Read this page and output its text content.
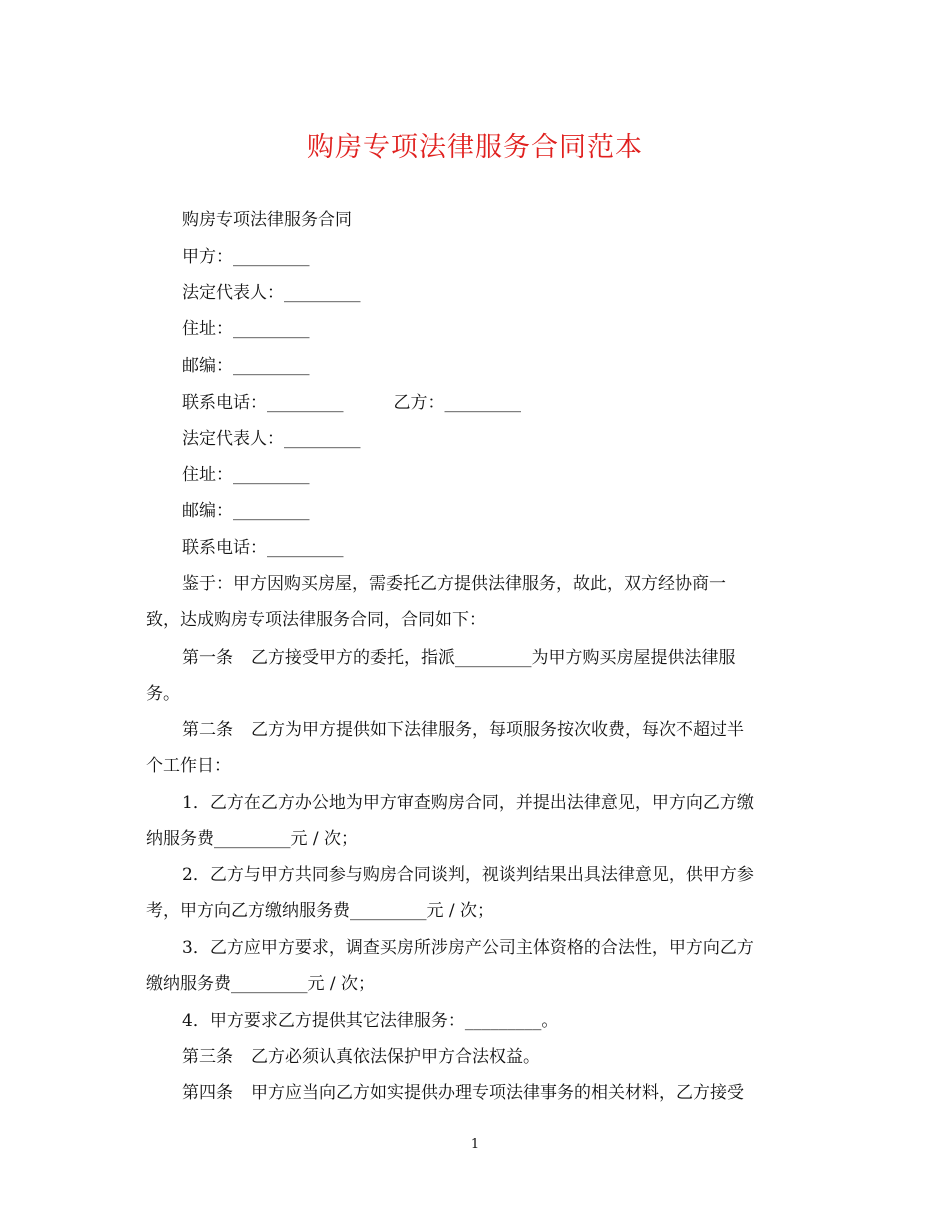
购房专项法律服务合同范本
购房专项法律服务合同
甲方：_________
法定代表人：_________
住址：_________
邮编：_________
联系电话：_________	乙方：_________
法定代表人：_________
住址：_________
邮编：_________
联系电话：_________
鉴于：甲方因购买房屋，需委托乙方提供法律服务，故此，双方经协商一
致，达成购房专项法律服务合同，合同如下：
第一条 乙方接受甲方的委托，指派_________为甲方购买房屋提供法律服
务。
第二条 乙方为甲方提供如下法律服务，每项服务按次收费，每次不超过半
个工作日：
1．乙方在乙方办公地为甲方审查购房合同，并提出法律意见，甲方向乙方缴
纳服务费_________元 / 次；
2．乙方与甲方共同参与购房合同谈判，视谈判结果出具法律意见，供甲方参
考，甲方向乙方缴纳服务费_________元 / 次；
3．乙方应甲方要求，调查买房所涉房产公司主体资格的合法性，甲方向乙方
缴纳服务费_________元 / 次；
4．甲方要求乙方提供其它法律服务：_________。
第三条 乙方必须认真依法保护甲方合法权益。
第四条 甲方应当向乙方如实提供办理专项法律事务的相关材料，乙方接受
1
